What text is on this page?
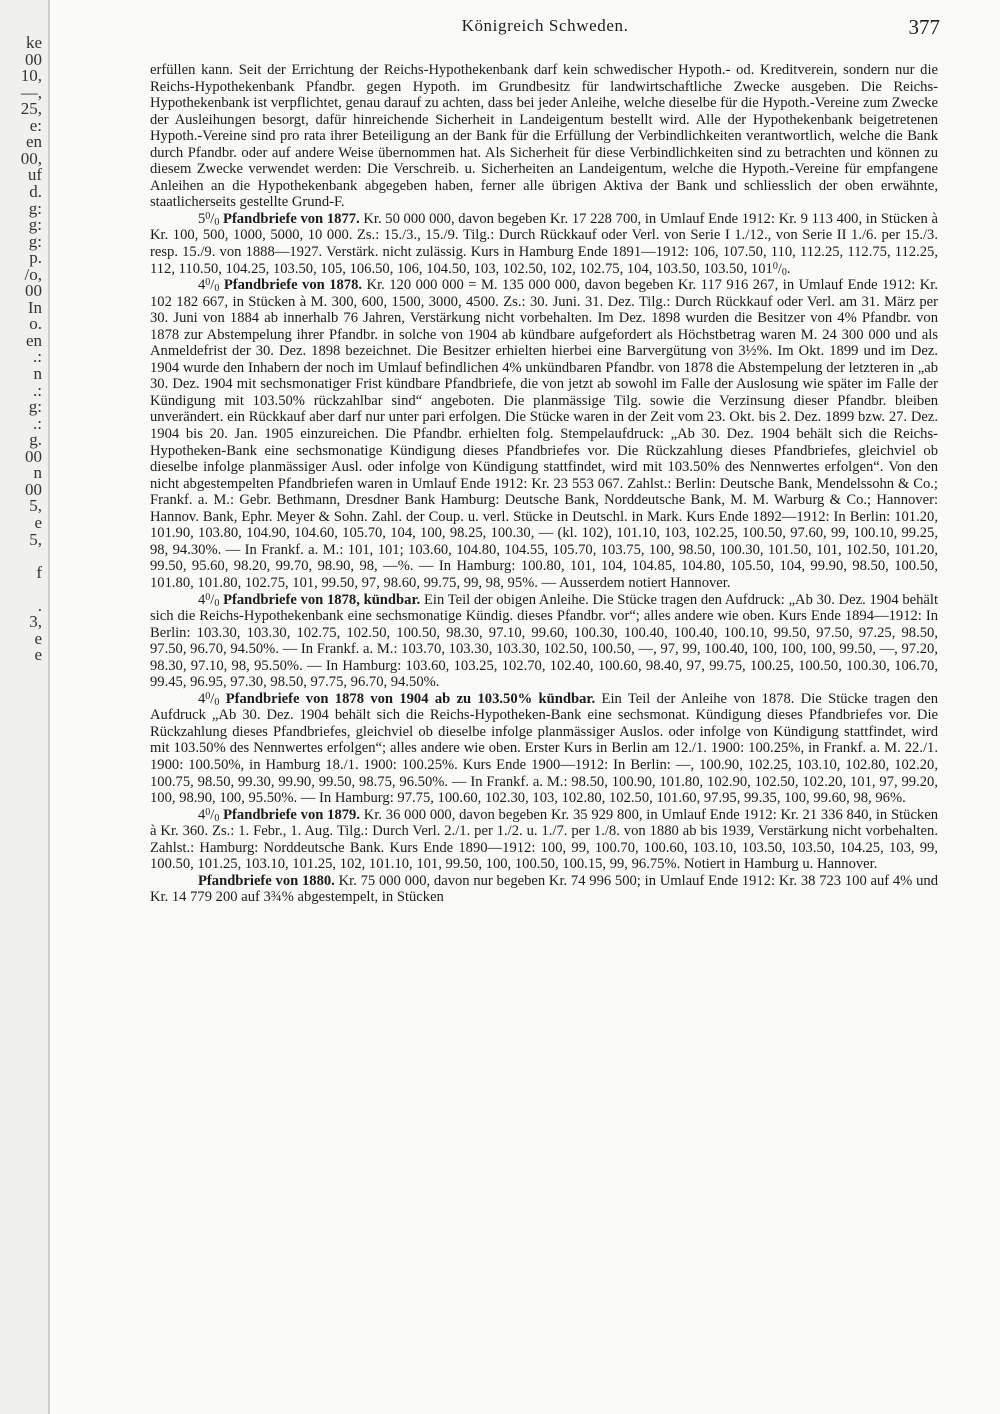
ke
00
10,
—,
25,
e:
en
00,
uf
d.
g:
g:
g:
p.
/o,
00
In
o.
en
.:
n
.:
g:
.:
g.
00
n
00
5,
e
5,
f
.
3,
e
e
Königreich Schweden.	377

erfüllen kann. Seit der Errichtung der Reichs-Hypothekenbank darf kein schwedischer Hypoth.- od. Kreditverein, sondern nur die Reichs-Hypothekenbank Pfandbr. gegen Hypoth. im Grundbesitz für landwirtschaftliche Zwecke ausgeben. Die Reichs-Hypothekenbank ist verpflichtet, genau darauf zu achten, dass bei jeder Anleihe, welche dieselbe für die Hypoth.-Vereine zum Zwecke der Ausleihungen besorgt, dafür hinreichende Sicherheit in Landeigentum bestellt wird. Alle der Hypothekenbank beigetretenen Hypoth.-Vereine sind pro rata ihrer Beteiligung an der Bank für die Erfüllung der Verbindlichkeiten verantwortlich, welche die Bank durch Pfandbr. oder auf andere Weise übernommen hat. Als Sicherheit für diese Verbindlichkeiten sind zu betrachten und können zu diesem Zwecke verwendet werden: Die Verschreib. u. Sicherheiten an Landeigentum, welche die Hypoth.-Vereine für empfangene Anleihen an die Hypothekenbank abgegeben haben, ferner alle übrigen Aktiva der Bank und schliesslich der oben erwähnte, staatlicherseits gestellte Grund-F.

$5^0/_0$ Pfandbriefe von 1877. Kr. 50 000 000, davon begeben Kr. 17 228 700, in Umlauf Ende 1912: Kr. 9 113 400, in Stücken à Kr. 100, 500, 1000, 5000, 10 000. Zs.: 15./3., 15./9. Tilg.: Durch Rückkauf oder Verl. von Serie I 1./12., von Serie II 1./6. per 15./3. resp. 15./9. von 1888—1927. Verstärk. nicht zulässig. Kurs in Hamburg Ende 1891—1912: 106, 107.50, 110, 112.25, 112.75, 112.25, 112, 110.50, 104.25, 103.50, 105, 106.50, 106, 104.50, 103, 102.50, 102, 102.75, 104, 103.50, 103.50, $101^0/_0$.

$4^0/_0$ Pfandbriefe von 1878. Kr. 120 000 000 = M. 135 000 000, davon begeben Kr. 117 916 267, in Umlauf Ende 1912: Kr. 102 182 667, in Stücken à M. 300, 600, 1500, 3000, 4500. Zs.: 30. Juni. 31. Dez. Tilg.: Durch Rückkauf oder Verl. am 31. März per 30. Juni von 1884 ab innerhalb 76 Jahren, Verstärkung nicht vorbehalten. Im Dez. 1898 wurden die Besitzer von 4% Pfandbr. von 1878 zur Abstempelung ihrer Pfandbr. in solche von 1904 ab kündbare aufgefordert als Höchstbetrag waren M. 24 300 000 und als Anmeldefrist der 30. Dez. 1898 bezeichnet. Die Besitzer erhielten hierbei eine Barvergütung von 3½%. Im Okt. 1899 und im Dez. 1904 wurde den Inhabern der noch im Umlauf befindlichen 4% unkündbaren Pfandbr. von 1878 die Abstempelung der letzteren in „ab 30. Dez. 1904 mit sechsmonatiger Frist kündbare Pfandbriefe, die von jetzt ab sowohl im Falle der Auslosung wie später im Falle der Kündigung mit 103.50% rückzahlbar sind“ angeboten. Die planmässige Tilg. sowie die Verzinsung dieser Pfandbr. bleiben unverändert. ein Rückkauf aber darf nur unter pari erfolgen. Die Stücke waren in der Zeit vom 23. Okt. bis 2. Dez. 1899 bzw. 27. Dez. 1904 bis 20. Jan. 1905 einzureichen. Die Pfandbr. erhielten folg. Stempelaufdruck: „Ab 30. Dez. 1904 behält sich die Reichs-Hypotheken-Bank eine sechsmonatige Kündigung dieses Pfandbriefes vor. Die Rückzahlung dieses Pfandbriefes, gleichviel ob dieselbe infolge planmässiger Ausl. oder infolge von Kündigung stattfindet, wird mit 103.50% des Nennwertes erfolgen“. Von den nicht abgestempelten Pfandbriefen waren in Umlauf Ende 1912: Kr. 23 553 067. Zahlst.: Berlin: Deutsche Bank, Mendelssohn & Co.; Frankf. a. M.: Gebr. Bethmann, Dresdner Bank Hamburg: Deutsche Bank, Norddeutsche Bank, M. M. Warburg & Co.; Hannover: Hannov. Bank, Ephr. Meyer & Sohn. Zahl. der Coup. u. verl. Stücke in Deutschl. in Mark. Kurs Ende 1892—1912: In Berlin: 101.20, 101.90, 103.80, 104.90, 104.60, 105.70, 104, 100, 98.25, 100.30, — (kl. 102), 101.10, 103, 102.25, 100.50, 97.60, 99, 100.10, 99.25, 98, 94.30%. — In Frankf. a. M.: 101, 101; 103.60, 104.80, 104.55, 105.70, 103.75, 100, 98.50, 100.30, 101.50, 101, 102.50, 101.20, 99.50, 95.60, 98.20, 99.70, 98.90, 98, —%. — In Hamburg: 100.80, 101, 104, 104.85, 104.80, 105.50, 104, 99.90, 98.50, 100.50, 101.80, 101.80, 102.75, 101, 99.50, 97, 98.60, 99.75, 99, 98, 95%. — Ausserdem notiert Hannover.

$4^0/_0$ Pfandbriefe von 1878, kündbar. Ein Teil der obigen Anleihe. Die Stücke tragen den Aufdruck: „Ab 30. Dez. 1904 behält sich die Reichs-Hypothekenbank eine sechsmonatige Kündig. dieses Pfandbr. vor“; alles andere wie oben. Kurs Ende 1894—1912: In Berlin: 103.30, 103.30, 102.75, 102.50, 100.50, 98.30, 97.10, 99.60, 100.30, 100.40, 100.40, 100.10, 99.50, 97.50, 97.25, 98.50, 97.50, 96.70, 94.50%. — In Frankf. a. M.: 103.70, 103.30, 103.30, 102.50, 100.50, —, 97, 99, 100.40, 100, 100, 100, 99.50, —, 97.20, 98.30, 97.10, 98, 95.50%. — In Hamburg: 103.60, 103.25, 102.70, 102.40, 100.60, 98.40, 97, 99.75, 100.25, 100.50, 100.30, 106.70, 99.45, 96.95, 97.30, 98.50, 97.75, 96.70, 94.50%.

$4^0/_0$ Pfandbriefe von 1878 von 1904 ab zu 103.50% kündbar. Ein Teil der Anleihe von 1878. Die Stücke tragen den Aufdruck „Ab 30. Dez. 1904 behält sich die Reichs-Hypotheken-Bank eine sechsmonat. Kündigung dieses Pfandbriefes vor. Die Rückzahlung dieses Pfandbriefes, gleichviel ob dieselbe infolge planmässiger Auslos. oder infolge von Kündigung stattfindet, wird mit 103.50% des Nennwertes erfolgen“; alles andere wie oben. Erster Kurs in Berlin am 12./1. 1900: 100.25%, in Frankf. a. M. 22./1. 1900: 100.50%, in Hamburg 18./1. 1900: 100.25%. Kurs Ende 1900—1912: In Berlin: —, 100.90, 102.25, 103.10, 102.80, 102.20, 100.75, 98.50, 99.30, 99.90, 99.50, 98.75, 96.50%. — In Frankf. a. M.: 98.50, 100.90, 101.80, 102.90, 102.50, 102.20, 101, 97, 99.20, 100, 98.90, 100, 95.50%. — In Hamburg: 97.75, 100.60, 102.30, 103, 102.80, 102.50, 101.60, 97.95, 99.35, 100, 99.60, 98, 96%.

$4^0/_0$ Pfandbriefe von 1879. Kr. 36 000 000, davon begeben Kr. 35 929 800, in Umlauf Ende 1912: Kr. 21 336 840, in Stücken à Kr. 360. Zs.: 1. Febr., 1. Aug. Tilg.: Durch Verl. 2./1. per 1./2. u. 1./7. per 1./8. von 1880 ab bis 1939, Verstärkung nicht vorbehalten. Zahlst.: Hamburg: Norddeutsche Bank. Kurs Ende 1890—1912: 100, 99, 100.70, 100.60, 103.10, 103.50, 103.50, 104.25, 103, 99, 100.50, 101.25, 103.10, 101.25, 102, 101.10, 101, 99.50, 100, 100.50, 100.15, 99, 96.75%. Notiert in Hamburg u. Hannover.

Pfandbriefe von 1880. Kr. 75 000 000, davon nur begeben Kr. 74 996 500; in Umlauf Ende 1912: Kr. 38 723 100 auf 4% und Kr. 14 779 200 auf 3¾% abgestempelt, in Stücken
